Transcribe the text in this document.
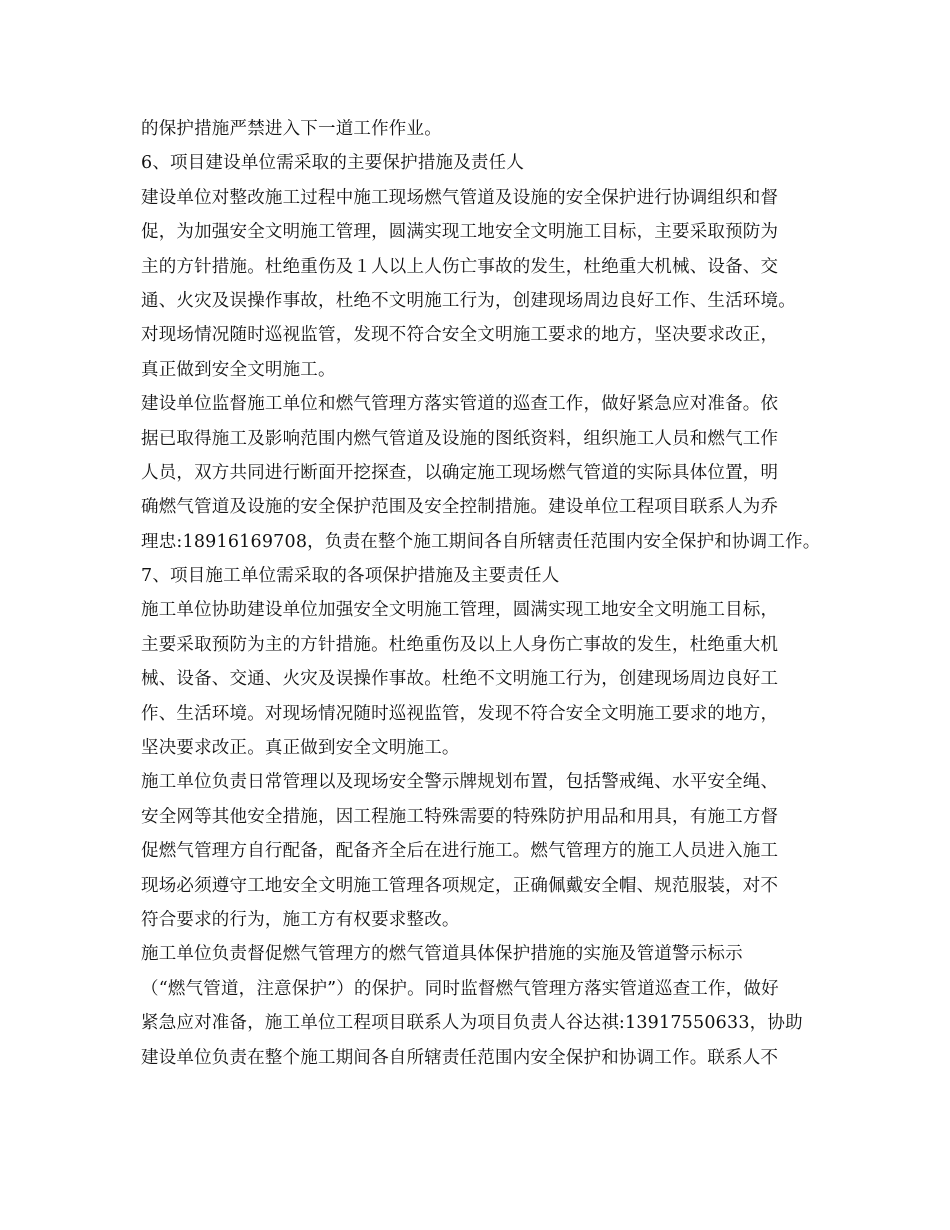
的保护措施严禁进入下一道工作作业。
6、项目建设单位需采取的主要保护措施及责任人
建设单位对整改施工过程中施工现场燃气管道及设施的安全保护进行协调组织和督
促，为加强安全文明施工管理，圆满实现工地安全文明施工目标，主要采取预防为
主的方针措施。杜绝重伤及１人以上人伤亡事故的发生，杜绝重大机械、设备、交
通、火灾及误操作事故，杜绝不文明施工行为，创建现场周边良好工作、生活环境。
对现场情况随时巡视监管，发现不符合安全文明施工要求的地方，坚决要求改正，
真正做到安全文明施工。
建设单位监督施工单位和燃气管理方落实管道的巡查工作，做好紧急应对准备。依
据已取得施工及影响范围内燃气管道及设施的图纸资料，组织施工人员和燃气工作
人员，双方共同进行断面开挖探查，以确定施工现场燃气管道的实际具体位置，明
确燃气管道及设施的安全保护范围及安全控制措施。建设单位工程项目联系人为乔
理忠:18916169708，负责在整个施工期间各自所辖责任范围内安全保护和协调工作。
7、项目施工单位需采取的各项保护措施及主要责任人
施工单位协助建设单位加强安全文明施工管理，圆满实现工地安全文明施工目标，
主要采取预防为主的方针措施。杜绝重伤及以上人身伤亡事故的发生，杜绝重大机
械、设备、交通、火灾及误操作事故。杜绝不文明施工行为，创建现场周边良好工
作、生活环境。对现场情况随时巡视监管，发现不符合安全文明施工要求的地方，
坚决要求改正。真正做到安全文明施工。
施工单位负责日常管理以及现场安全警示牌规划布置，包括警戒绳、水平安全绳、
安全网等其他安全措施，因工程施工特殊需要的特殊防护用品和用具，有施工方督
促燃气管理方自行配备，配备齐全后在进行施工。燃气管理方的施工人员进入施工
现场必须遵守工地安全文明施工管理各项规定，正确佩戴安全帽、规范服装，对不
符合要求的行为，施工方有权要求整改。
施工单位负责督促燃气管理方的燃气管道具体保护措施的实施及管道警示标示
（“燃气管道，注意保护”）的保护。同时监督燃气管理方落实管道巡查工作，做好
紧急应对准备，施工单位工程项目联系人为项目负责人谷达祺:13917550633，协助
建设单位负责在整个施工期间各自所辖责任范围内安全保护和协调工作。联系人不
